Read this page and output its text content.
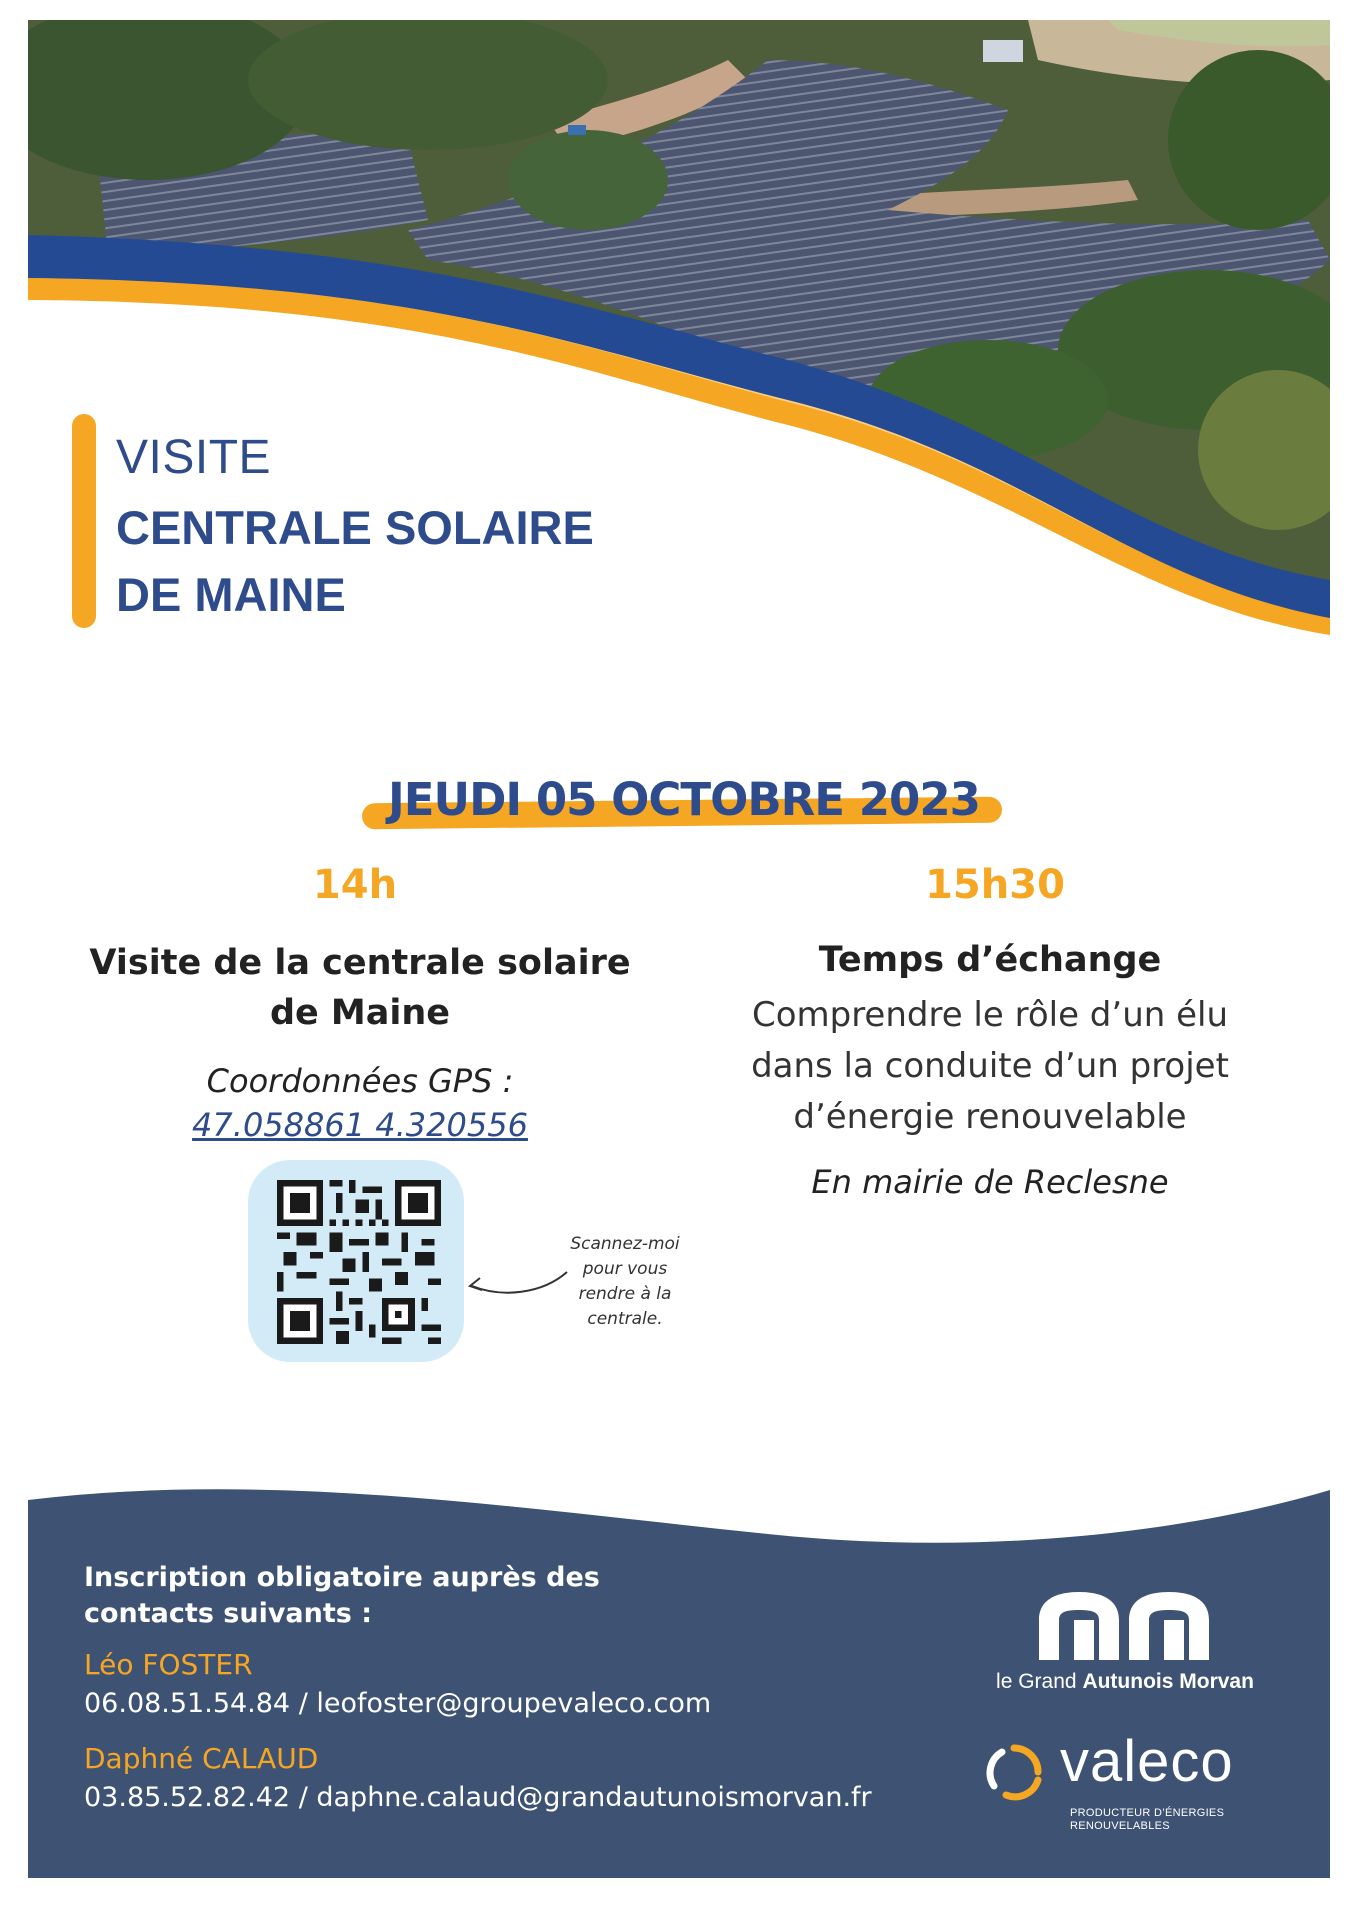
VISITE
CENTRALE SOLAIRE
DE MAINE
JEUDI 05 OCTOBRE 2023
14h
Visite de la centrale solaire
de Maine
Coordonnées GPS :
47.058861 4.320556
Scannez-moi
pour vous
rendre à la
centrale.
15h30
Temps d’échange
Comprendre le rôle d’un élu
dans la conduite d’un projet
d’énergie renouvelable
En mairie de Reclesne
Inscription obligatoire auprès des
contacts suivants :
Léo FOSTER
06.08.51.54.84 / leofoster@groupevaleco.com
Daphné CALAUD
03.85.52.82.42 / daphne.calaud@grandautunoismorvan.fr
le Grand Autunois Morvan
valeco
PRODUCTEUR D’ÉNERGIES
RENOUVELABLES
